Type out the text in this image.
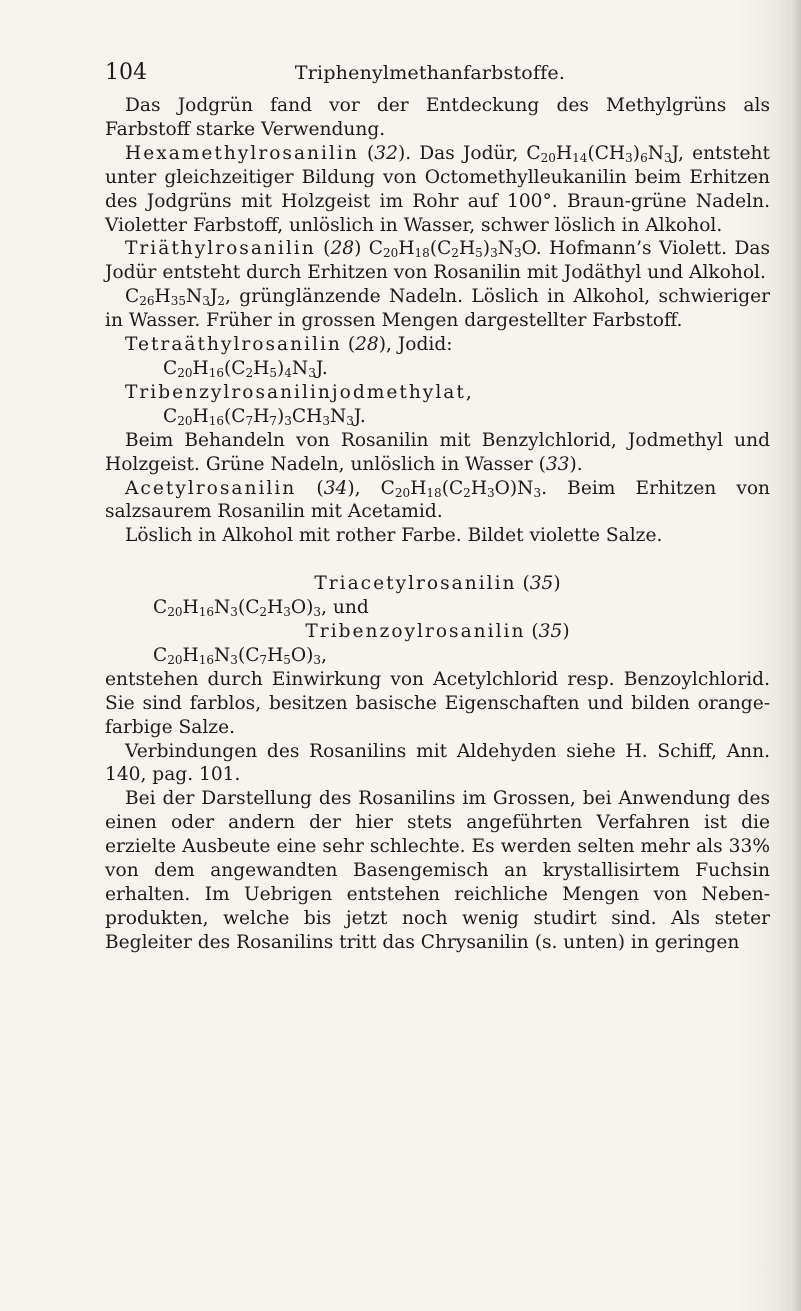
104	Triphenylmethanfarbstoffe.

Das Jodgrün fand vor der Entdeckung des Methylgrüns als Farbstoff starke Verwendung.

Hexamethylrosanilin (32). Das Jodür, $C_{20}H_{14}(CH_3)_6N_3J$, entsteht unter gleichzeitiger Bildung von Octomethylleukanilin beim Erhitzen des Jodgrüns mit Holzgeist im Rohr auf 100°. Braun-grüne Nadeln. Violetter Farbstoff, unlöslich in Wasser, schwer löslich in Alkohol.

Triäthylrosanilin (28) $C_{20}H_{18}(C_2H_5)_3N_3O$. Hofmann’s Violett. Das Jodür entsteht durch Erhitzen von Rosanilin mit Jodäthyl und Alkohol.

$C_{26}H_{35}N_3J_2$, grünglänzende Nadeln. Löslich in Alkohol, schwieriger in Wasser. Früher in grossen Mengen dargestellter Farbstoff.

Tetraäthylrosanilin (28), Jodid:

$C_{20}H_{16}(C_2H_5)_4N_3J$.

Tribenzylrosanilinjodmethylat,

$C_{20}H_{16}(C_7H_7)_3CH_3N_3J$.

Beim Behandeln von Rosanilin mit Benzylchlorid, Jodmethyl und Holzgeist. Grüne Nadeln, unlöslich in Wasser (33).

Acetylrosanilin (34), $C_{20}H_{18}(C_2H_3O)N_3$. Beim Erhitzen von salzsaurem Rosanilin mit Acetamid.

Löslich in Alkohol mit rother Farbe. Bildet violette Salze.

Triacetylrosanilin (35)

$C_{20}H_{16}N_3(C_2H_3O)_3$, und

Tribenzoylrosanilin (35)

$C_{20}H_{16}N_3(C_7H_5O)_3$,

entstehen durch Einwirkung von Acetylchlorid resp. Benzoylchlorid. Sie sind farblos, besitzen basische Eigenschaften und bilden orange-farbige Salze.

Verbindungen des Rosanilins mit Aldehyden siehe H. Schiff, Ann. 140, pag. 101.

Bei der Darstellung des Rosanilins im Grossen, bei Anwendung des einen oder andern der hier stets angeführten Verfahren ist die erzielte Ausbeute eine sehr schlechte. Es werden selten mehr als 33% von dem angewandten Basengemisch an krystallisirtem Fuchsin erhalten. Im Uebrigen entstehen reichliche Mengen von Neben-produkten, welche bis jetzt noch wenig studirt sind. Als steter Begleiter des Rosanilins tritt das Chrysanilin (s. unten) in geringen
